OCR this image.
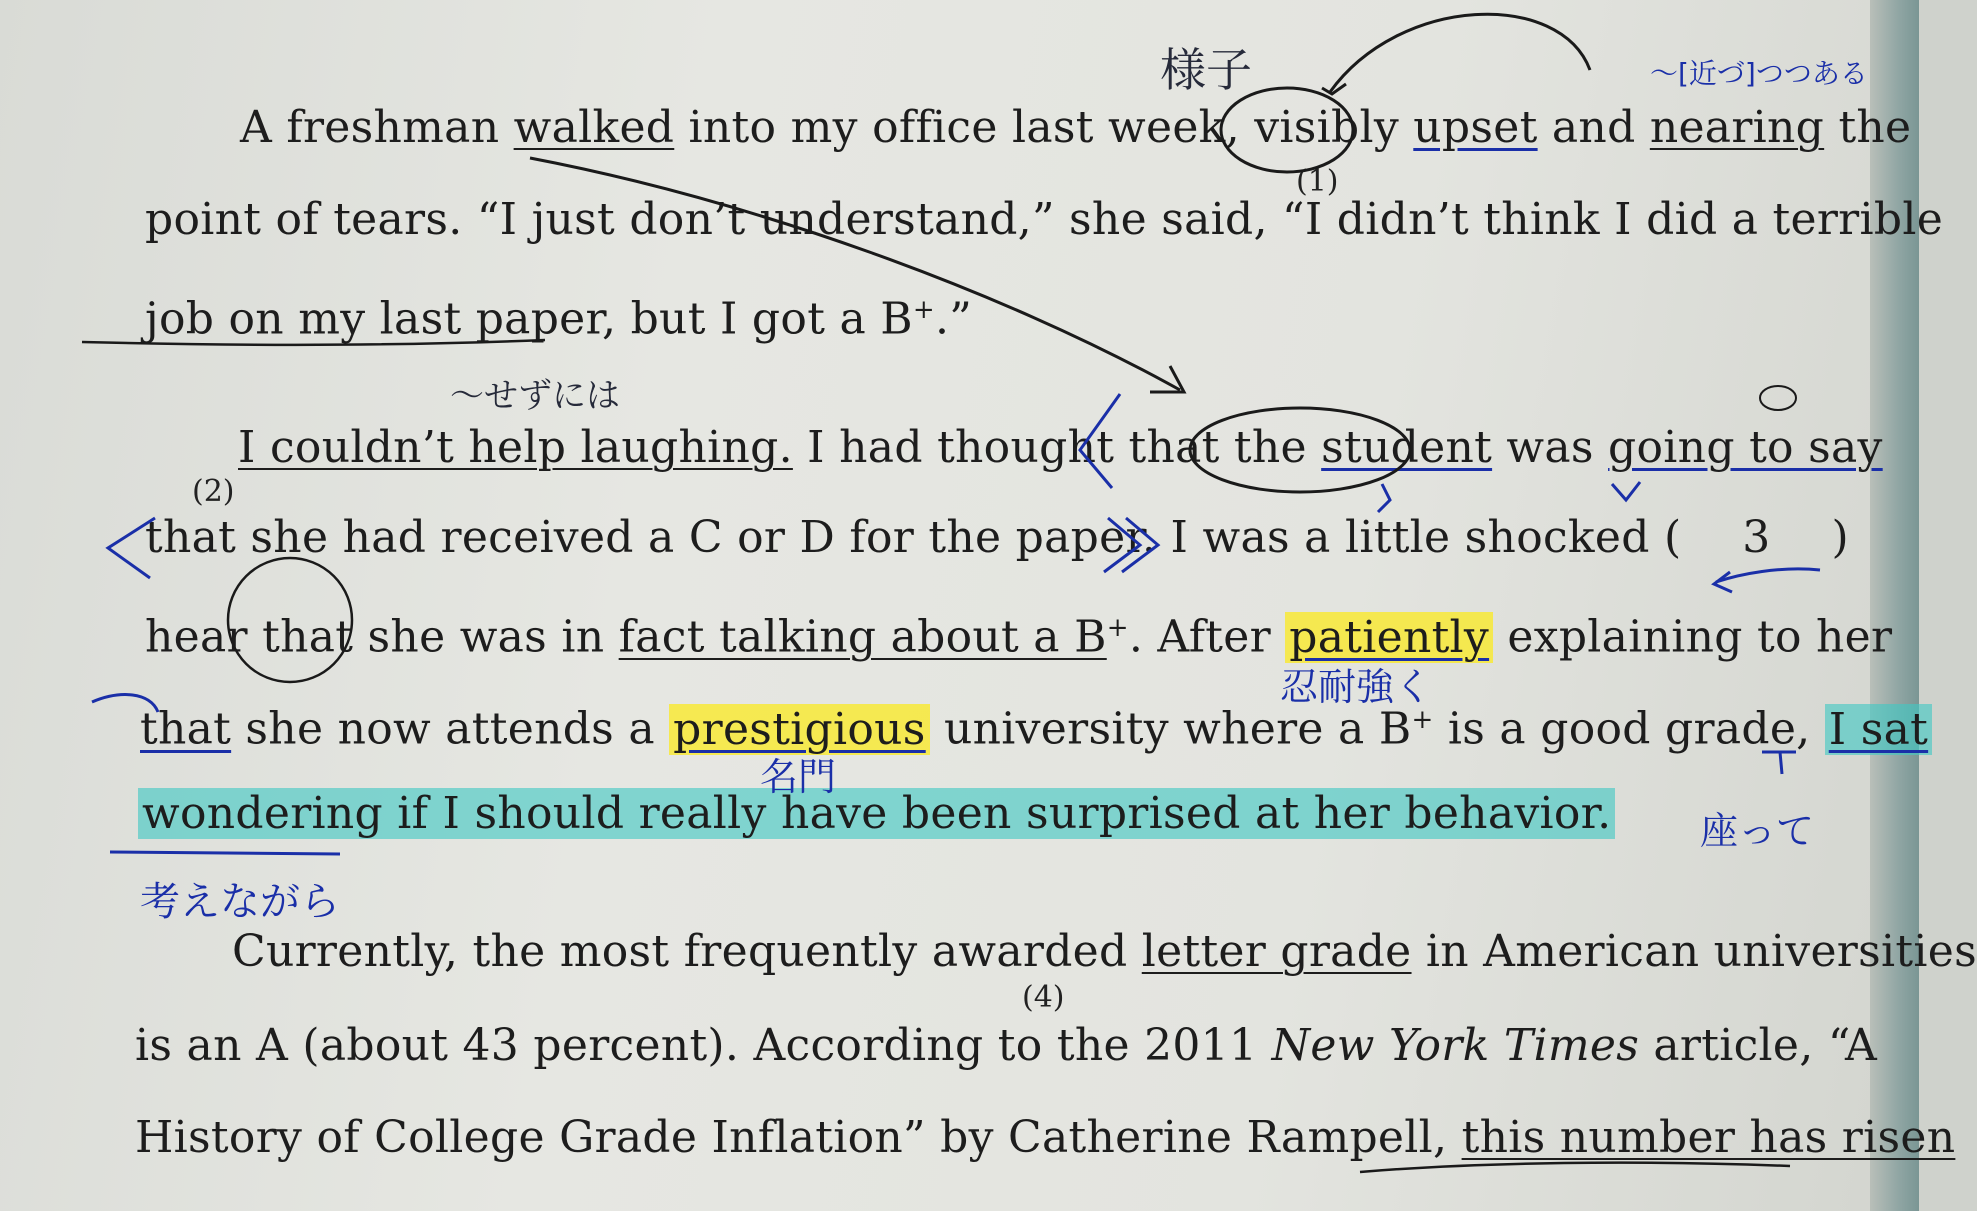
A freshman walked into my office last week, visibly upset and nearing the
point of tears. “I just don’t understand,” she said, “I didn’t think I did a terrible
job on my last paper, but I got a B+.”
I couldn’t help laughing. I had thought that the student was going to say
that she had received a C or D for the paper. I was a little shocked ( 3 )
hear that she was in fact talking about a B+. After patiently explaining to her
that she now attends a prestigious university where a B+ is a good grade, I sat
wondering if I should really have been surprised at her behavior.
Currently, the most frequently awarded letter grade in American universities
is an A (about 43 percent). According to the 2011 New York Times article, “A
History of College Grade Inflation” by Catherine Rampell, this number has risen
(1)
(2)
(4)
様子	～[近づ]つつある
～せずには
忍耐強く
名門
座って
考えながら
